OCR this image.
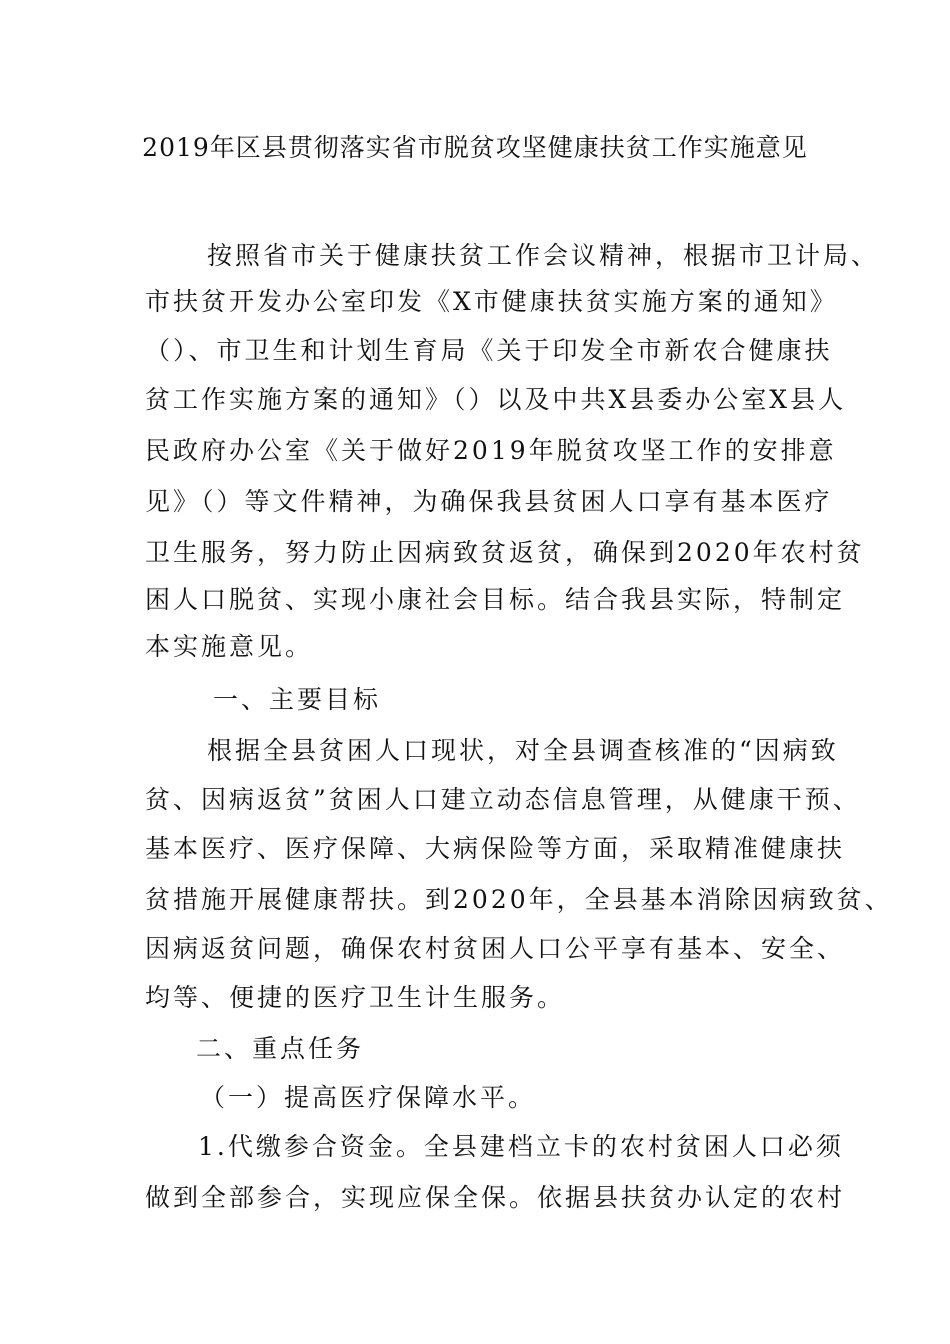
2019年区县贯彻落实省市脱贫攻坚健康扶贫工作实施意见
按照省市关于健康扶贫工作会议精神，根据市卫计局、
市扶贫开发办公室印发《X市健康扶贫实施方案的通知》
（）、市卫生和计划生育局《关于印发全市新农合健康扶
贫工作实施方案的通知》（）以及中共X县委办公室X县人
民政府办公室《关于做好2019年脱贫攻坚工作的安排意
见》（）等文件精神，为确保我县贫困人口享有基本医疗
卫生服务，努力防止因病致贫返贫，确保到2020年农村贫
困人口脱贫、实现小康社会目标。结合我县实际，特制定
本实施意见。
一、主要目标
根据全县贫困人口现状，对全县调查核准的“因病致
贫、因病返贫”贫困人口建立动态信息管理，从健康干预、
基本医疗、医疗保障、大病保险等方面，采取精准健康扶
贫措施开展健康帮扶。到2020年，全县基本消除因病致贫、
因病返贫问题，确保农村贫困人口公平享有基本、安全、
均等、便捷的医疗卫生计生服务。
二、重点任务
（一）提高医疗保障水平。
1.代缴参合资金。全县建档立卡的农村贫困人口必须
做到全部参合，实现应保全保。依据县扶贫办认定的农村
